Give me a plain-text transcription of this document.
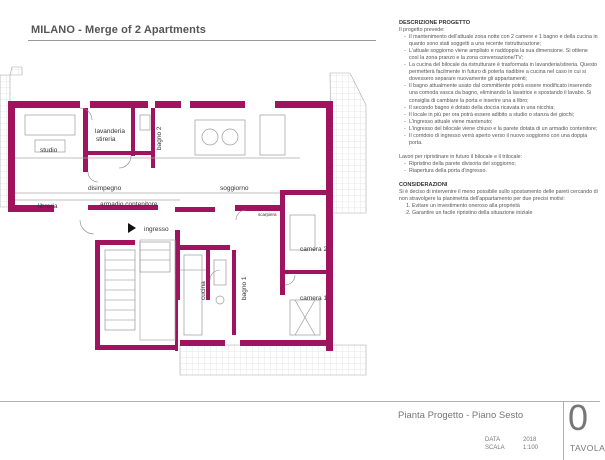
MILANO - Merge of 2 Apartments
studio
lavanderia
stireria	bagno 2
disimpegno	soggiorno
libreria	armadio contenitore
ingresso
scarpiera
camera 2
cucina	bagno 1	camera 1

DESCRIZIONE PROGETTO

Il progetto prevede:

- Il mantenimento dell'attuale zona notte con 2 camere e 1 bagno e della cucina in quanto sono stati soggetti a una recente ristrutturazione;
- L'attuale soggiorno viene ampliato e raddoppia la sua dimensione. Si ottiene così la zona pranzo e la zona conversazione/TV;
- La cucina del bilocale da ristrutturare è trasformata in lavanderia/stireria. Questo permetterà facilmente in futuro di poterla riadibire a cucina nel caso in cui si dovessero separare nuovamente gli appartamenti;
- Il bagno attualmente usato dal committente potrà essere modificato inserendo una comoda vasca da bagno, eliminando la lavatrice e spostando il lavabo. Si consiglia di cambiare la porta e inserire una a libro;
- Il secondo bagno è dotato della doccia ricavata in una nicchia;
- Il locale in più per ora potrà essere adibito a studio o stanza dei giochi;
- L'ingresso attuale viene mantenuto;
- L'ingresso del bilocale viene chiuso e la parete dotata di un armadio contenitore;
- Il corridoio di ingresso verrà aperto verso il nuovo soggiorno con una doppia porta.

Lavori per ripristinare in futuro il bilocale e il trilocale:

- Ripristino della parete divisoria del soggiorno;
- Riapertura della porta d'ingresso.

CONSIDERAZIONI

Si è deciso di intervenire il meno possibile sullo spostamento delle pareti cercando di non stravolgere la planimetria dell'appartamento per due precisi motivi:

1. Evitare un investimento oneroso alla proprietà
2. Garantire un facile ripristino della situazione iniziale
Pianta Progetto - Piano Sesto
DATA	2018
SCALA	1:100
0
TAVOLA
